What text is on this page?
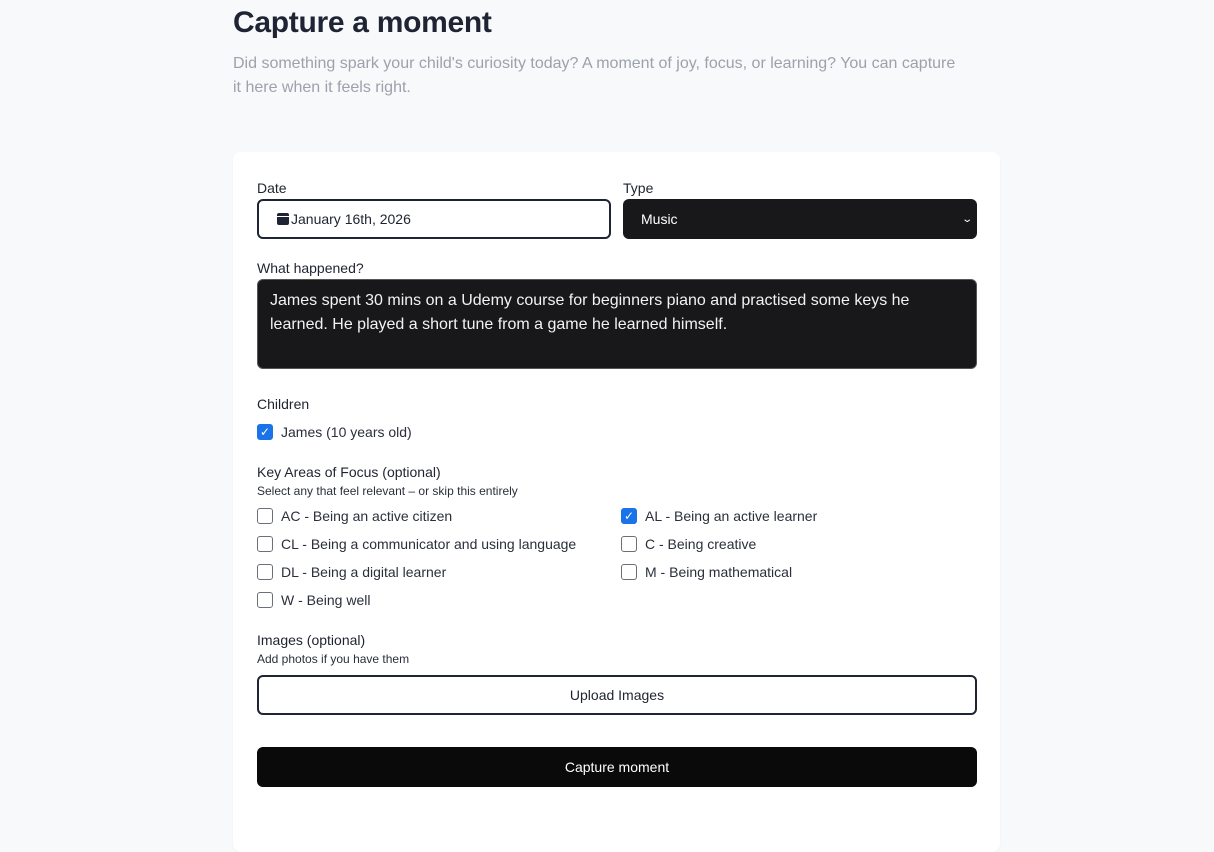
Capture a moment

Did something spark your child's curiosity today? A moment of joy, focus, or learning? You can capture it here when it feels right.

Date
January 16th, 2026
Type
Music	⌄
What happened?
James spent 30 mins on a Udemy course for beginners piano and practised some keys he learned. He played a short tune from a game he learned himself.
Children
✓ James (10 years old)
Key Areas of Focus (optional)
Select any that feel relevant – or skip this entirely
AC - Being an active citizen	✓ AL - Being an active learner
CL - Being a communicator and using language	C - Being creative
DL - Being a digital learner	M - Being mathematical
W - Being well
Images (optional)
Add photos if you have them
Upload Images
Capture moment
